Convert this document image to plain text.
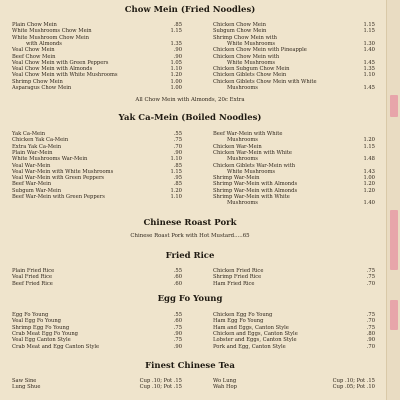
Chow Mein (Fried Noodles)
Plain Chow Mein	.85
White Mushrooms Chow Mein	1.15
White Mushroom Chow Mein
with Almonds	1.35
Veal Chow Mein	.90
Beef Chow Mein	.90
Veal Chow Mein with Green Peppers	1.05
Veal Chow Mein with Almonds	1.10
Veal Chow Mein with White Mushrooms	1.20
Shrimp Chow Mein	1.00
Asparagus Chow Mein	1.00
Chicken Chow Mein	1.15
Subgum Chow Mein	1.15
Shrimp Chow Mein with
White Mushrooms	1.30
Chicken Chow Mein with Pineapple	1.40
Chicken Chow Mein with
White Mushrooms	1.45
Chicken Subgum Chow Mein	1.35
Chicken Giblets Chow Mein	1.10
Chicken Giblets Chow Mein with White
Mushrooms	1.45
All Chow Mein with Almonds, 20c Extra
Yak Ca-Mein (Boiled Noodles)
Yak Ca-Mein	.55
Chicken Yak Ca-Mein	.75
Extra Yak Ca-Mein	.70
Plain War-Mein	.90
White Mushrooms War-Mein	1.10
Veal War-Mein	.85
Veal War-Mein with White Mushrooms	1.15
Veal War-Mein with Green Peppers	.95
Beef War-Mein	.85
Subgum War-Mein	1.20
Beef War-Mein with Green Peppers	1.10
Beef War-Mein with White
Mushrooms	1.20
Chicken War-Mein	1.15
Chicken War-Mein with White
Mushrooms	1.48
Chicken Giblets War-Mein with
White Mushrooms	1.43
Shrimp War-Mein	1.00
Shrimp War-Mein with Almonds	1.20
Shrimp War-Mein with Almonds	1.20
Shrimp War-Mein with White
Mushrooms	1.40
Chinese Roast Pork
Chinese Roast Pork with Hot Mustard.....65
Fried Rice
Plain Fried Rice	.55
Veal Fried Rice	.60
Beef Fried Rice	.60
Chicken Fried Rice	.75
Shrimp Fried Rice	.75
Ham Fried Rice	.70
Egg Fo Young
Egg Fo Young	.55
Veal Egg Fo Young	.60
Shrimp Egg Fo Young	.75
Crab Meat Egg Fo Young	.90
Veal Egg Canton Style	.75
Crab Meat and Egg Canton Style	.90
Chicken Egg Fo Young	.75
Ham Egg Fo Young	.70
Ham and Eggs, Canton Style	.75
Chicken and Eggs, Canton Style	.80
Lobster and Eggs, Canton Style	.90
Pork and Egg, Canton Style	.70
Finest Chinese Tea
Saw Sine	Cup .10; Pot .15
Lung Shue	Cup .10; Pot .15
Wo Lung	Cup .10; Pot .15
Wah Hop	Cup .05; Pot .10
